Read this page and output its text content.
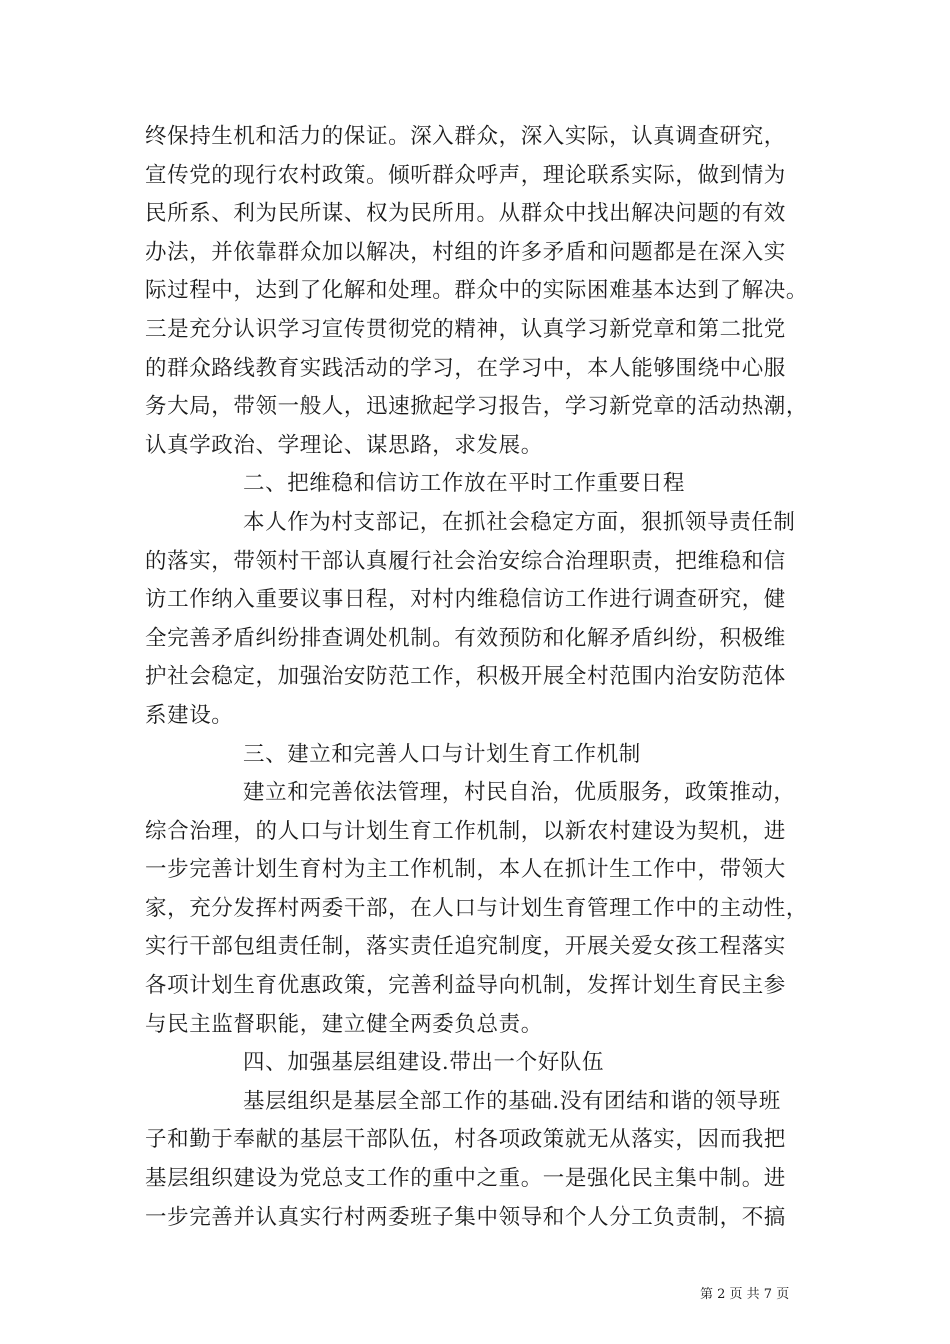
终保持生机和活力的保证。深入群众，深入实际，认真调查研究，
宣传党的现行农村政策。倾听群众呼声，理论联系实际，做到情为
民所系、利为民所谋、权为民所用。从群众中找出解决问题的有效
办法，并依靠群众加以解决，村组的许多矛盾和问题都是在深入实
际过程中，达到了化解和处理。群众中的实际困难基本达到了解决。
三是充分认识学习宣传贯彻党的精神，认真学习新党章和第二批党
的群众路线教育实践活动的学习，在学习中，本人能够围绕中心服
务大局，带领一般人，迅速掀起学习报告，学习新党章的活动热潮，
认真学政治、学理论、谋思路，求发展。
二、把维稳和信访工作放在平时工作重要日程
本人作为村支部记，在抓社会稳定方面，狠抓领导责任制
的落实，带领村干部认真履行社会治安综合治理职责，把维稳和信
访工作纳入重要议事日程，对村内维稳信访工作进行调查研究，健
全完善矛盾纠纷排查调处机制。有效预防和化解矛盾纠纷，积极维
护社会稳定，加强治安防范工作，积极开展全村范围内治安防范体
系建设。
三、建立和完善人口与计划生育工作机制
建立和完善依法管理，村民自治，优质服务，政策推动，
综合治理，的人口与计划生育工作机制，以新农村建设为契机，进
一步完善计划生育村为主工作机制，本人在抓计生工作中，带领大
家，充分发挥村两委干部，在人口与计划生育管理工作中的主动性，
实行干部包组责任制，落实责任追究制度，开展关爱女孩工程落实
各项计划生育优惠政策，完善利益导向机制，发挥计划生育民主参
与民主监督职能，建立健全两委负总责。
四、加强基层组建设.带出一个好队伍
基层组织是基层全部工作的基础.没有团结和谐的领导班
子和勤于奉献的基层干部队伍，村各项政策就无从落实，因而我把
基层组织建设为党总支工作的重中之重。一是强化民主集中制。进
一步完善并认真实行村两委班子集中领导和个人分工负责制，不搞
第 2 页 共 7 页
